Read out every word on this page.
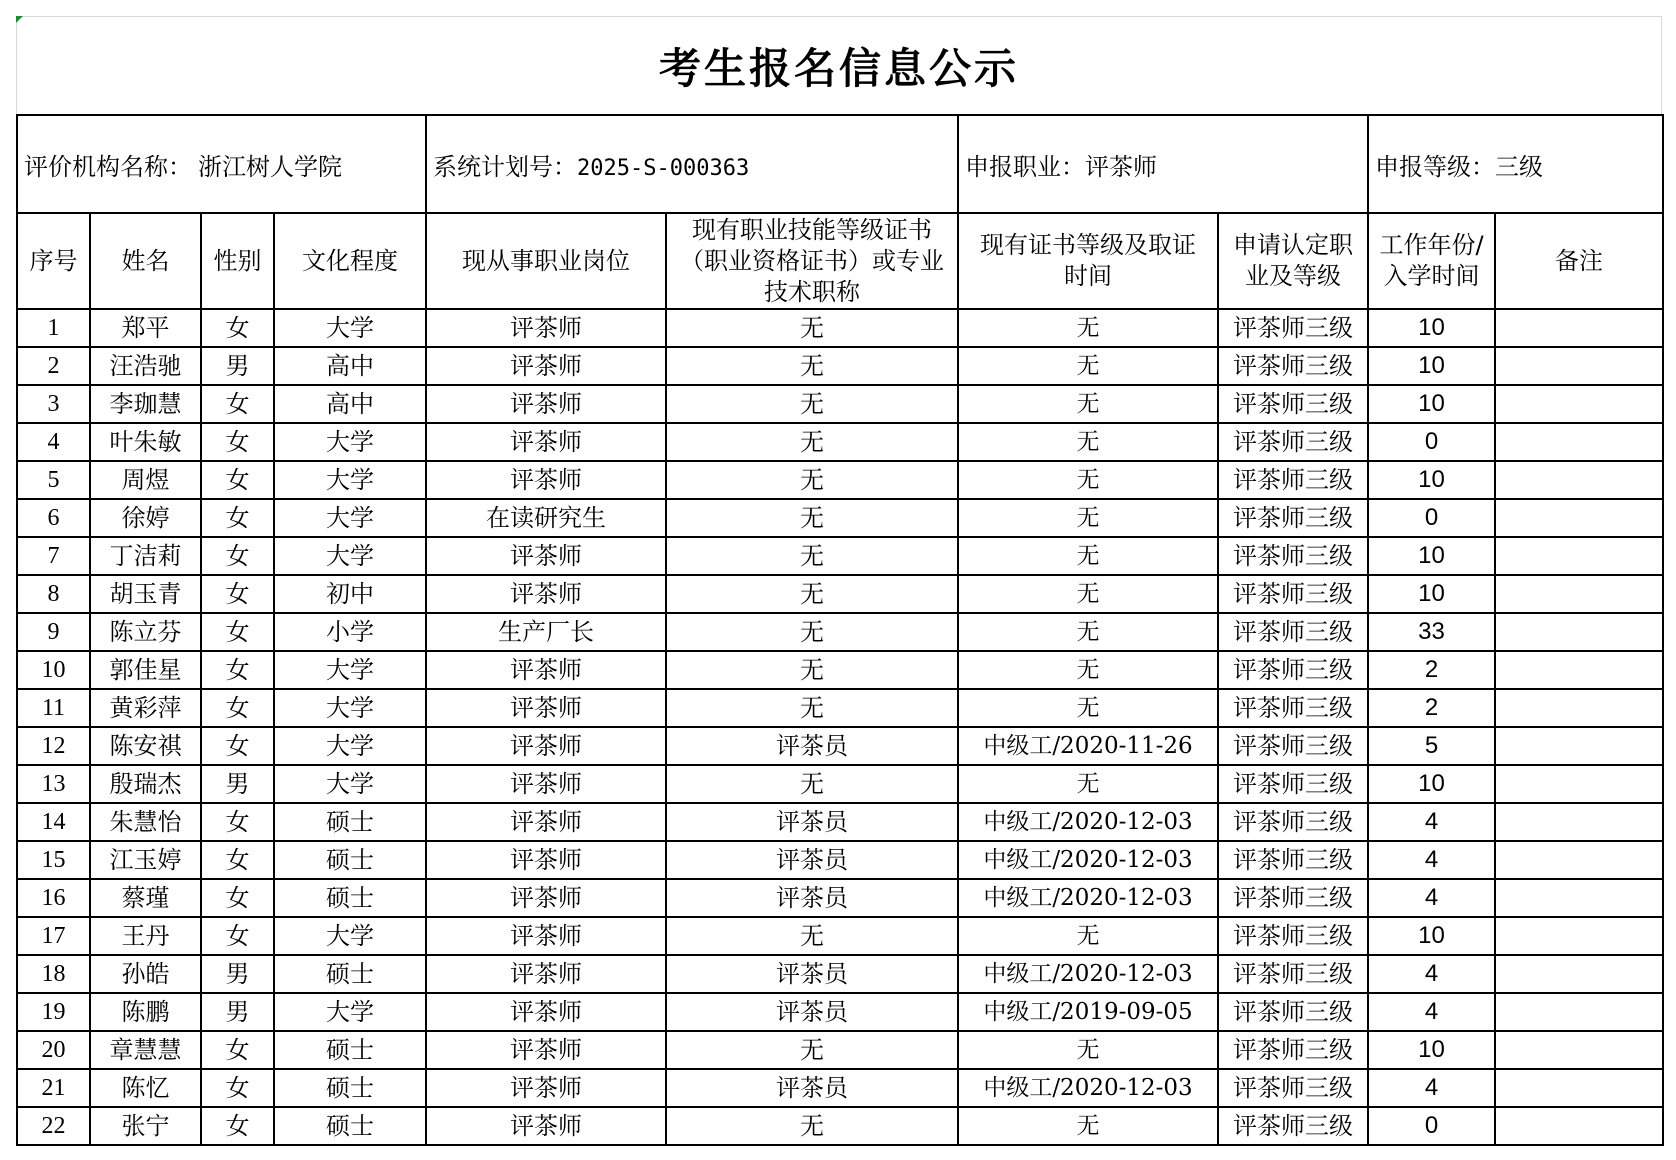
考生报名信息公示
评价机构名称： 浙江树人学院				系统计划号：2025-S-000363		申报职业：评茶师		申报等级：三级	
序号	姓名	性别	文化程度	现从事职业岗位	现有职业技能等级证书（职业资格证书）或专业技术职称	现有证书等级及取证时间	申请认定职业及等级	工作年份/入学时间	备注
1	郑平	女	大学	评茶师	无	无	评茶师三级	10	
2	汪浩驰	男	高中	评茶师	无	无	评茶师三级	10	
3	李珈慧	女	高中	评茶师	无	无	评茶师三级	10	
4	叶朱敏	女	大学	评茶师	无	无	评茶师三级	0	
5	周煜	女	大学	评茶师	无	无	评茶师三级	10	
6	徐婷	女	大学	在读研究生	无	无	评茶师三级	0	
7	丁洁莉	女	大学	评茶师	无	无	评茶师三级	10	
8	胡玉青	女	初中	评茶师	无	无	评茶师三级	10	
9	陈立芬	女	小学	生产厂长	无	无	评茶师三级	33	
10	郭佳星	女	大学	评茶师	无	无	评茶师三级	2	
11	黄彩萍	女	大学	评茶师	无	无	评茶师三级	2	
12	陈安祺	女	大学	评茶师	评茶员	中级工/2020-11-26	评茶师三级	5	
13	殷瑞杰	男	大学	评茶师	无	无	评茶师三级	10	
14	朱慧怡	女	硕士	评茶师	评茶员	中级工/2020-12-03	评茶师三级	4	
15	江玉婷	女	硕士	评茶师	评茶员	中级工/2020-12-03	评茶师三级	4	
16	蔡瑾	女	硕士	评茶师	评茶员	中级工/2020-12-03	评茶师三级	4	
17	王丹	女	大学	评茶师	无	无	评茶师三级	10	
18	孙皓	男	硕士	评茶师	评茶员	中级工/2020-12-03	评茶师三级	4	
19	陈鹏	男	大学	评茶师	评茶员	中级工/2019-09-05	评茶师三级	4	
20	章慧慧	女	硕士	评茶师	无	无	评茶师三级	10	
21	陈忆	女	硕士	评茶师	评茶员	中级工/2020-12-03	评茶师三级	4	
22	张宁	女	硕士	评茶师	无	无	评茶师三级	0	
